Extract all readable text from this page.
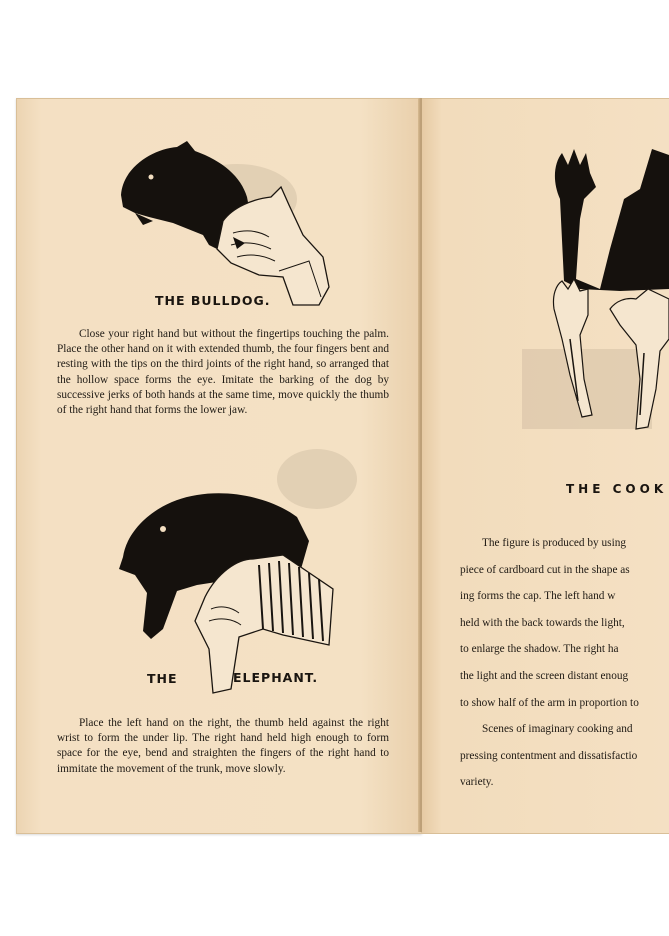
THE BULLDOG.

Close your right hand but without the fingertips touching the palm. Place the other hand on it with extended thumb, the four fingers bent and resting with the tips on the third joints of the right hand, so arranged that the hollow space forms the eye. Imitate the barking of the dog by successive jerks of both hands at the same time, move quickly the thumb of the right hand that forms the lower jaw.

THE	ELEPHANT.

Place the left hand on the right, the thumb held against the right wrist to form the under lip. The right hand held high enough to form space for the eye, bend and straighten the fingers of the right hand to immitate the movement of the trunk, move slowly.

THE COOK
The figure is produced by using
piece of cardboard cut in the shape as
ing forms the cap. The left hand w
held with the back towards the light,
to enlarge the shadow. The right ha
the light and the screen distant enoug
to show half of the arm in proportion to
Scenes of imaginary cooking and
pressing contentment and dissatisfactio
variety.
